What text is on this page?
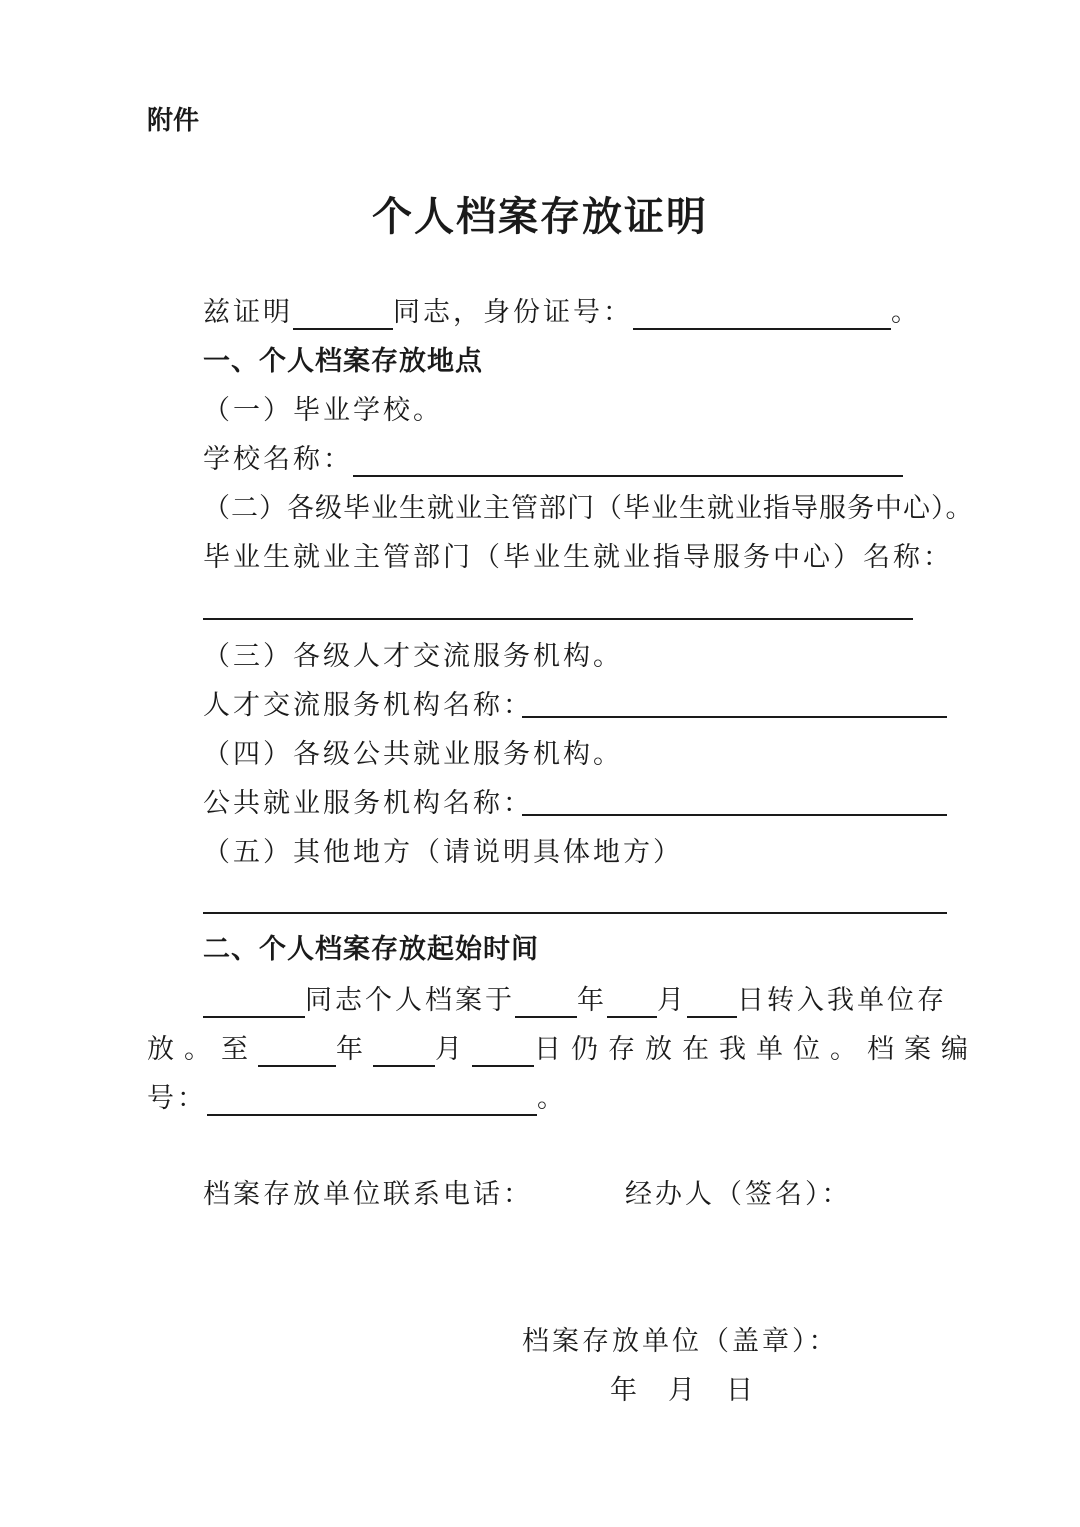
附件
个人档案存放证明
兹证明	同志，身份证号：	。
一、个人档案存放地点
（一）毕业学校。
学校名称：
（二）各级毕业生就业主管部门（毕业生就业指导服务中心）。
毕业生就业主管部门（毕业生就业指导服务中心）名称：
（三）各级人才交流服务机构。
人才交流服务机构名称：
（四）各级公共就业服务机构。
公共就业服务机构名称：
（五）其他地方（请说明具体地方）
二、个人档案存放起始时间
同志个人档案于 年 月 日转入我单位存
放。至	年 月 日仍存放在我单位。档案编
号：	。
档案存放单位联系电话：	经办人（签名）：
档案存放单位（盖章）：
年 月 日
